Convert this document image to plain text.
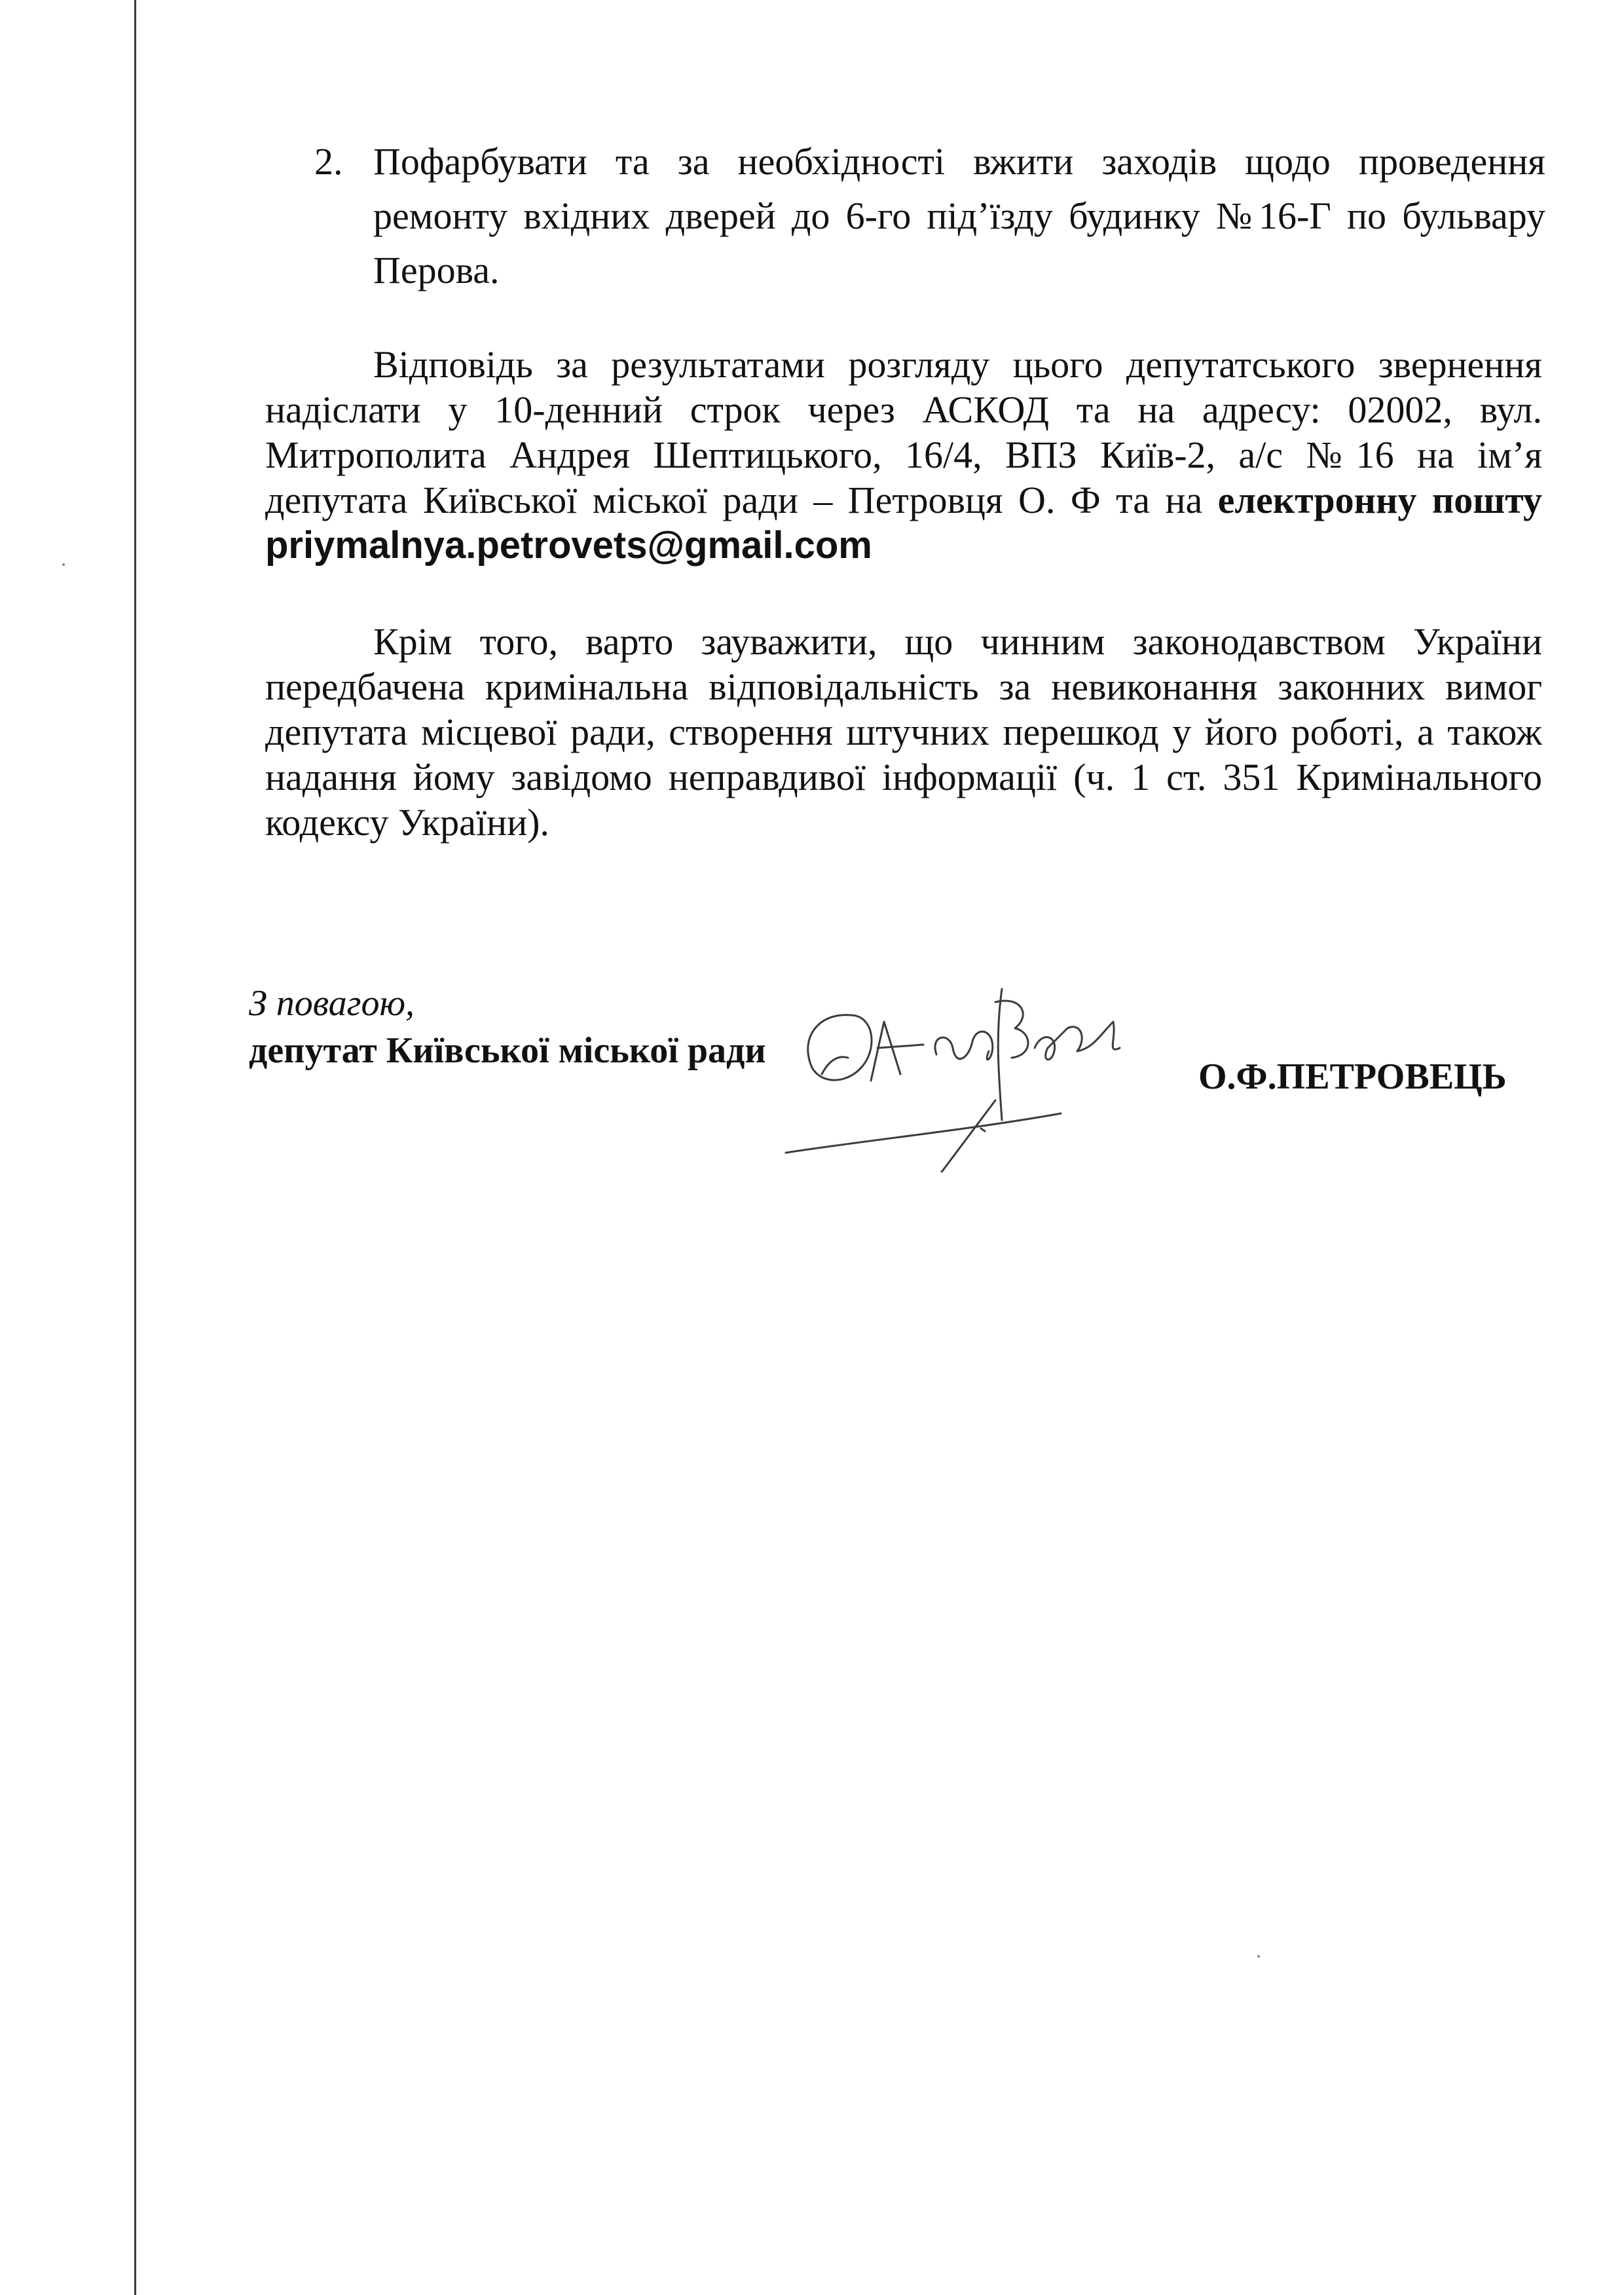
2. Пофарбувати та за необхідності вжити заходів щодо проведення ремонту вхідних дверей до 6-го під’їзду будинку №16-Г по бульвару Перова.

Відповідь за результатами розгляду цього депутатського звернення надіслати у 10-денний строк через АСКОД та на адресу: 02002, вул. Митрополита Андрея Шептицького, 16/4, ВПЗ Київ-2, а/с №16 на ім’я депутата Київської міської ради – Петровця О. Ф та на електронну пошту priymalnya.petrovets@gmail.com

Крім того, варто зауважити, що чинним законодавством України передбачена кримінальна відповідальність за невиконання законних вимог депутата місцевої ради, створення штучних перешкод у його роботі, а також надання йому завідомо неправдивої інформації (ч. 1 ст. 351 Кримінального кодексу України).

З повагою,
депутат Київської міської ради
О.Ф.ПЕТРОВЕЦЬ
